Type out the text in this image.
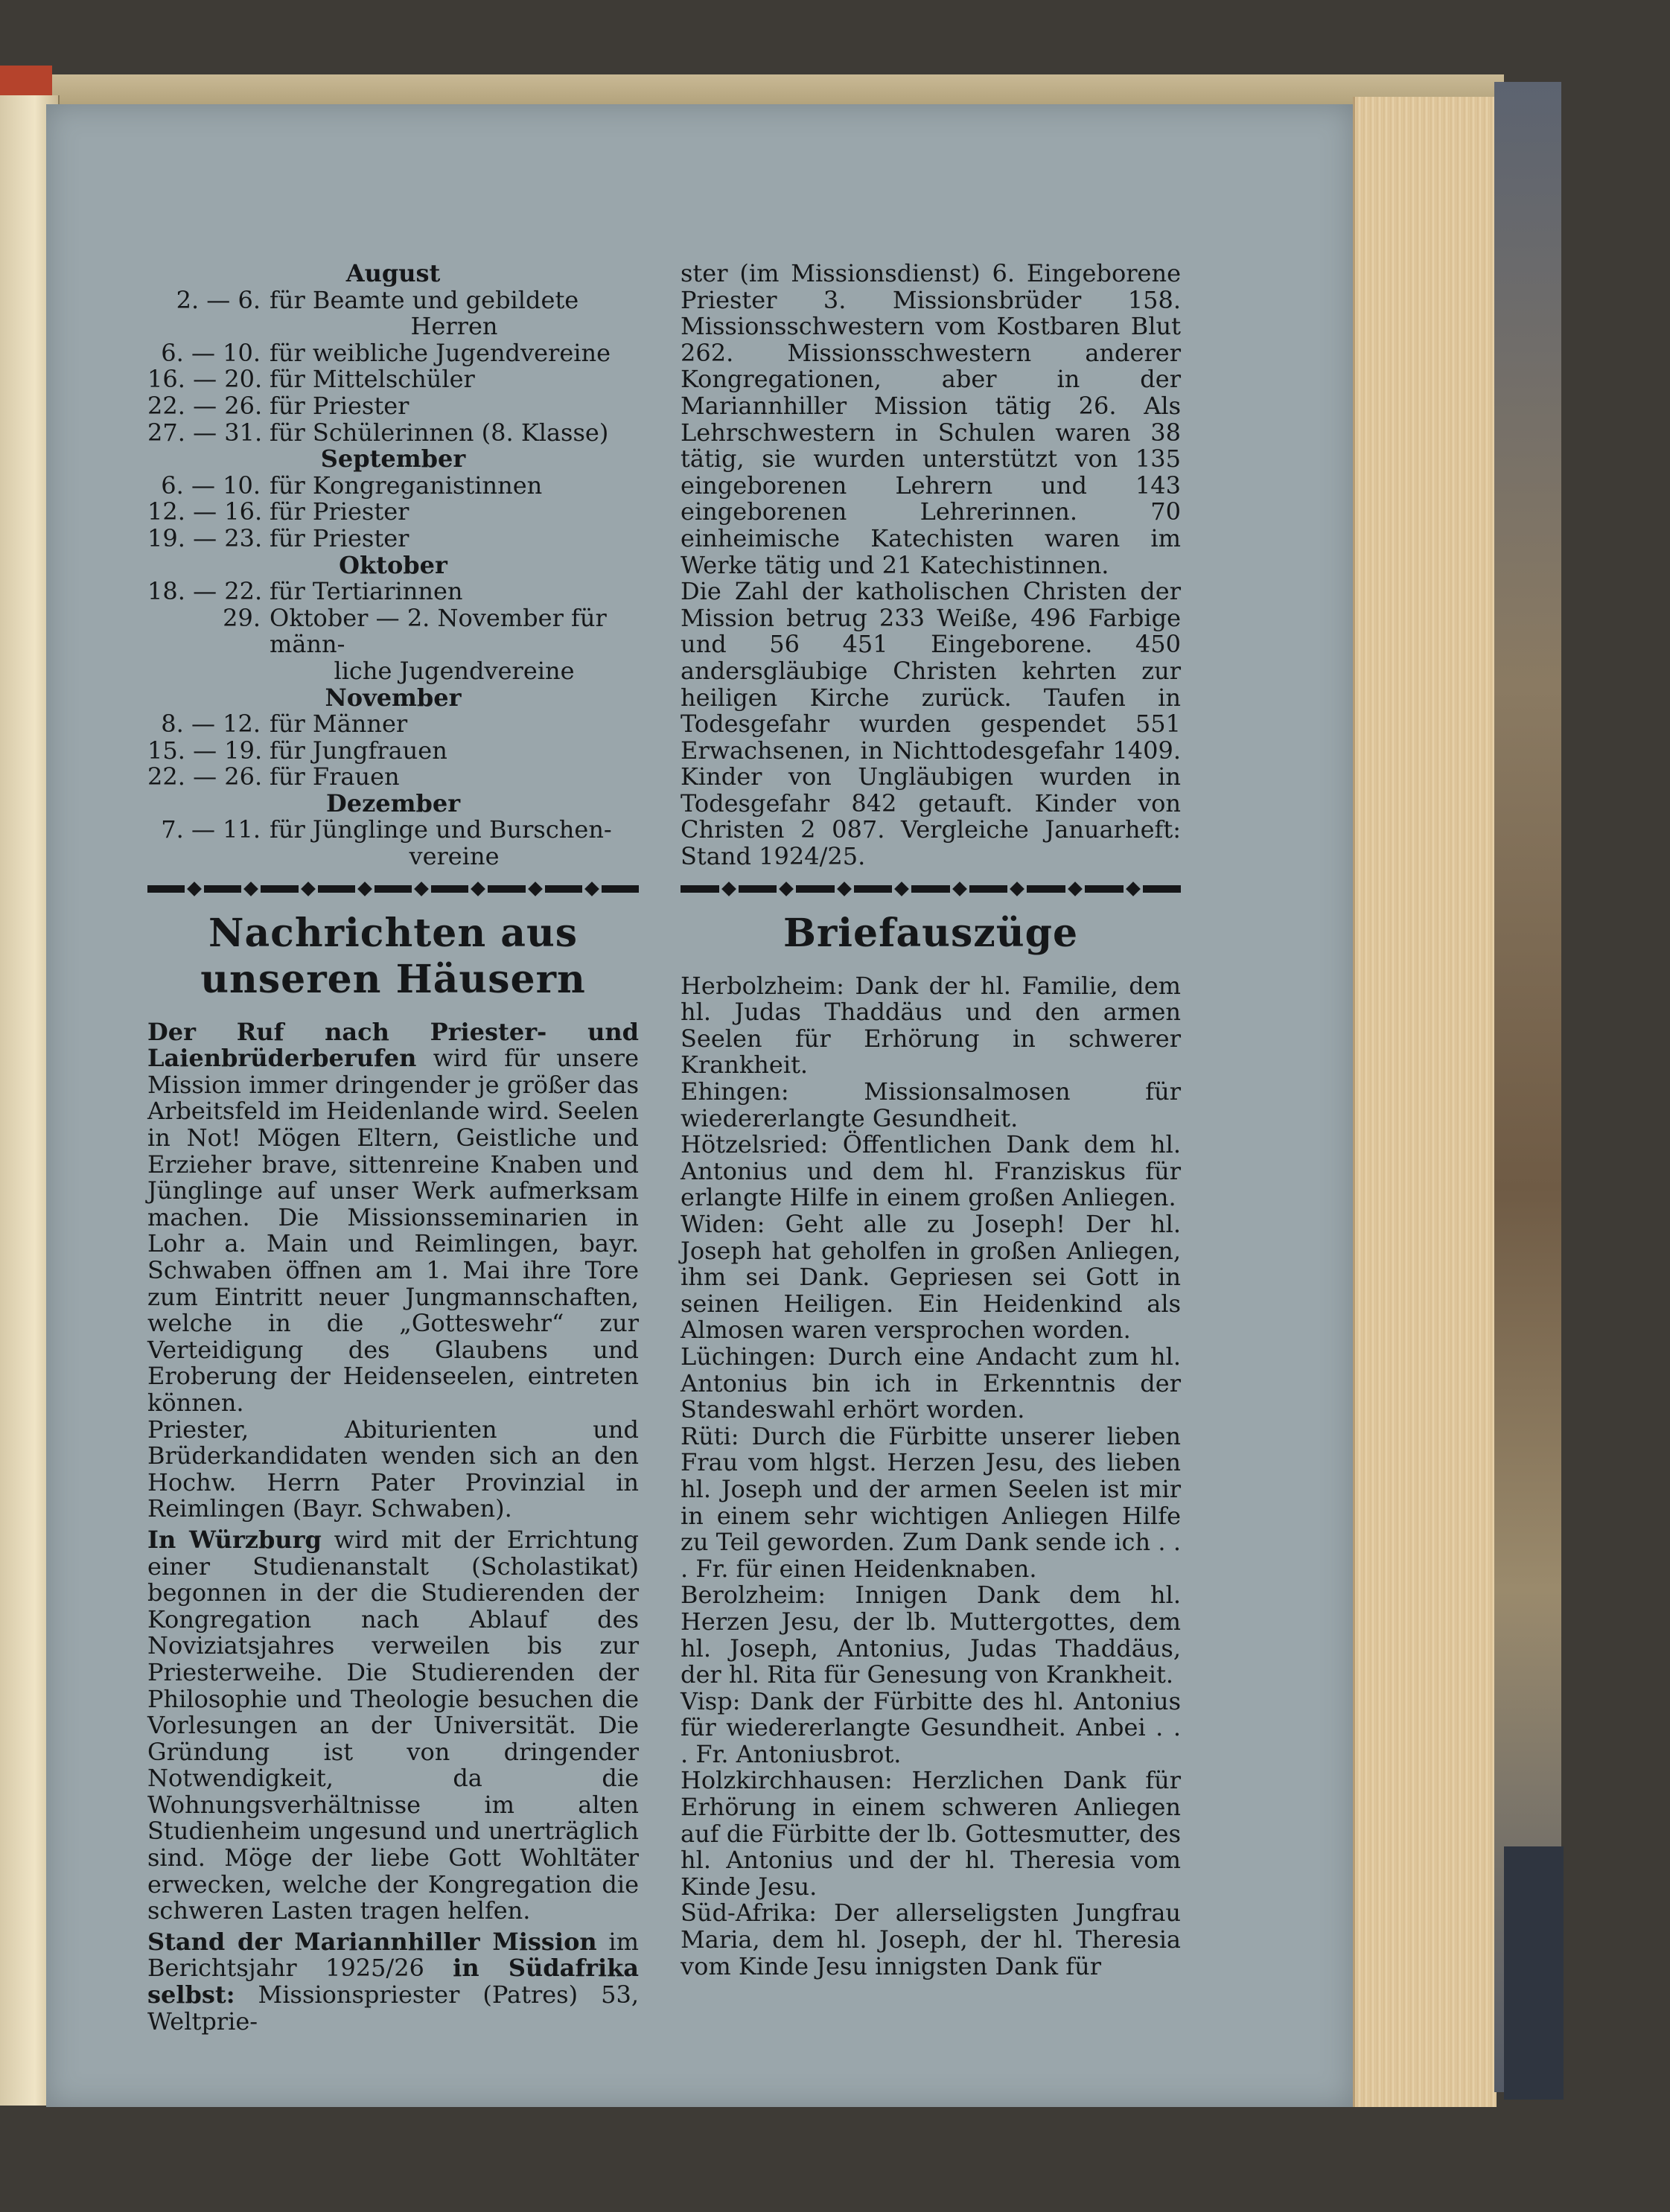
August
2. — 6. für Beamte und gebildete
Herren
6. — 10. für weibliche Jugendvereine
16. — 20. für Mittelschüler
22. — 26. für Priester
27. — 31. für Schülerinnen (8. Klasse)
September
6. — 10. für Kongreganistinnen
12. — 16. für Priester
19. — 23. für Priester
Oktober
18. — 22. für Tertiarinnen
29. Oktober — 2. November für männ-
liche Jugendvereine
November
8. — 12. für Männer
15. — 19. für Jungfrauen
22. — 26. für Frauen
Dezember
7. — 11. für Jünglinge und Burschen-
vereine
Nachrichten aus unseren Häusern

Der Ruf nach Priester- und Laienbrüderberufen wird für unsere Mission immer dringender je größer das Arbeitsfeld im Heidenlande wird. Seelen in Not! Mögen Eltern, Geistliche und Erzieher brave, sittenreine Knaben und Jünglinge auf unser Werk aufmerksam machen. Die Missionsseminarien in Lohr a. Main und Reimlingen, bayr. Schwaben öffnen am 1. Mai ihre Tore zum Eintritt neuer Jungmannschaften, welche in die „Gotteswehr“ zur Verteidigung des Glaubens und Eroberung der Heidenseelen, eintreten können.

Priester, Abiturienten und Brüderkandidaten wenden sich an den Hochw. Herrn Pater Provinzial in Reimlingen (Bayr. Schwaben).

In Würzburg wird mit der Errichtung einer Studienanstalt (Scholastikat) begonnen in der die Studierenden der Kongregation nach Ablauf des Noviziatsjahres verweilen bis zur Priesterweihe. Die Studierenden der Philosophie und Theologie besuchen die Vorlesungen an der Universität. Die Gründung ist von dringender Notwendigkeit, da die Wohnungsverhältnisse im alten Studienheim ungesund und unerträglich sind. Möge der liebe Gott Wohltäter erwecken, welche der Kongregation die schweren Lasten tragen helfen.

Stand der Mariannhiller Mission im Berichtsjahr 1925/26 in Südafrika selbst: Missionspriester (Patres) 53, Weltprie-

ster (im Missionsdienst) 6. Eingeborene Priester 3. Missionsbrüder 158. Missionsschwestern vom Kostbaren Blut 262. Missionsschwestern anderer Kongregationen, aber in der Mariannhiller Mission tätig 26. Als Lehrschwestern in Schulen waren 38 tätig, sie wurden unterstützt von 135 eingeborenen Lehrern und 143 eingeborenen Lehrerinnen. 70 einheimische Katechisten waren im Werke tätig und 21 Katechistinnen.

Die Zahl der katholischen Christen der Mission betrug 233 Weiße, 496 Farbige und 56 451 Eingeborene. 450 andersgläubige Christen kehrten zur heiligen Kirche zurück. Taufen in Todesgefahr wurden gespendet 551 Erwachsenen, in Nichttodesgefahr 1409. Kinder von Ungläubigen wurden in Todesgefahr 842 getauft. Kinder von Christen 2 087. Vergleiche Januarheft: Stand 1924/25.

Briefauszüge

Herbolzheim: Dank der hl. Familie, dem hl. Judas Thaddäus und den armen Seelen für Erhörung in schwerer Krankheit.

Ehingen: Missionsalmosen für wiedererlangte Gesundheit.

Hötzelsried: Öffentlichen Dank dem hl. Antonius und dem hl. Franziskus für erlangte Hilfe in einem großen Anliegen.

Widen: Geht alle zu Joseph! Der hl. Joseph hat geholfen in großen Anliegen, ihm sei Dank. Gepriesen sei Gott in seinen Heiligen. Ein Heidenkind als Almosen waren versprochen worden.

Lüchingen: Durch eine Andacht zum hl. Antonius bin ich in Erkenntnis der Standeswahl erhört worden.

Rüti: Durch die Fürbitte unserer lieben Frau vom hlgst. Herzen Jesu, des lieben hl. Joseph und der armen Seelen ist mir in einem sehr wichtigen Anliegen Hilfe zu Teil geworden. Zum Dank sende ich . . . Fr. für einen Heidenknaben.

Berolzheim: Innigen Dank dem hl. Herzen Jesu, der lb. Muttergottes, dem hl. Joseph, Antonius, Judas Thaddäus, der hl. Rita für Genesung von Krankheit.

Visp: Dank der Fürbitte des hl. Antonius für wiedererlangte Gesundheit. Anbei . . . Fr. Antoniusbrot.

Holzkirchhausen: Herzlichen Dank für Erhörung in einem schweren Anliegen auf die Fürbitte der lb. Gottesmutter, des hl. Antonius und der hl. Theresia vom Kinde Jesu.

Süd-Afrika: Der allerseligsten Jungfrau Maria, dem hl. Joseph, der hl. Theresia vom Kinde Jesu innigsten Dank für
